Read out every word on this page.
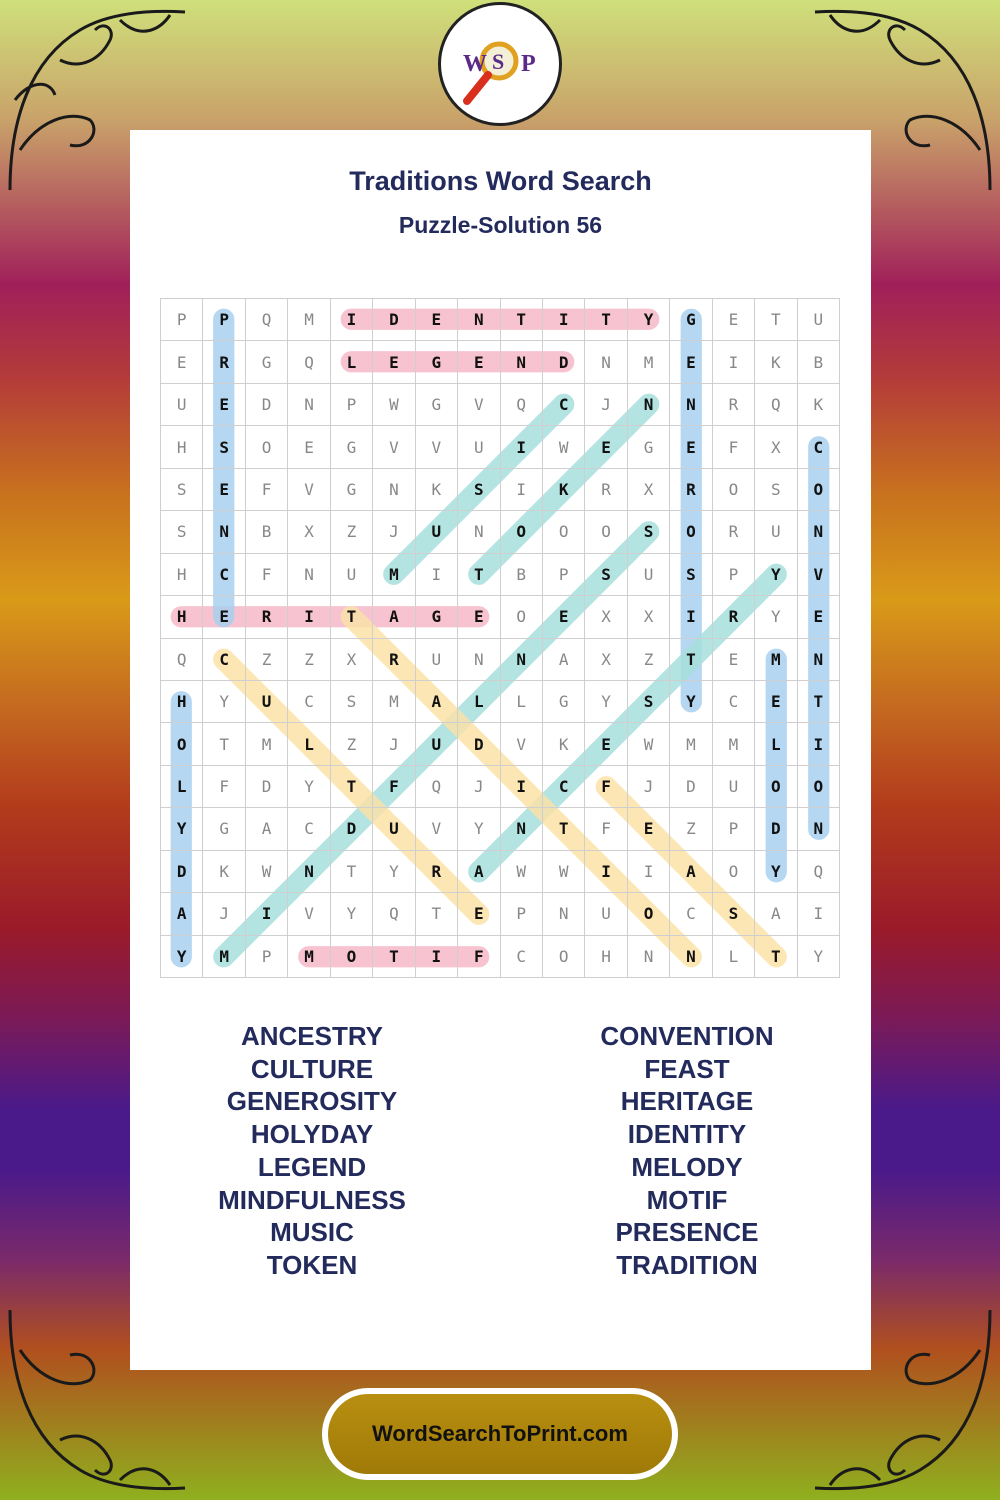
W S P
Traditions Word Search
Puzzle-Solution 56
P	P	Q	M	I	D	E	N	T	I	T	Y	G	E	T	U
E	R	G	Q	L	E	G	E	N	D	N	M	E	I	K	B
U	E	D	N	P	W	G	V	Q	C	J	N	N	R	Q	K
H	S	O	E	G	V	V	U	I	W	E	G	E	F	X	C
S	E	F	V	G	N	K	S	I	K	R	X	R	O	S	O
S	N	B	X	Z	J	U	N	O	O	O	S	O	R	U	N
H	C	F	N	U	M	I	T	B	P	S	U	S	P	Y	V
H	E	R	I	T	A	G	E	O	E	X	X	I	R	Y	E
Q	C	Z	Z	X	R	U	N	N	A	X	Z	T	E	M	N
H	Y	U	C	S	M	A	L	L	G	Y	S	Y	C	E	T
O	T	M	L	Z	J	U	D	V	K	E	W	M	M	L	I
L	F	D	Y	T	F	Q	J	I	C	F	J	D	U	O	O
Y	G	A	C	D	U	V	Y	N	T	F	E	Z	P	D	N
D	K	W	N	T	Y	R	A	W	W	I	I	A	O	Y	Q
A	J	I	V	Y	Q	T	E	P	N	U	O	C	S	A	I
Y	M	P	M	O	T	I	F	C	O	H	N	N	L	T	Y
ANCESTRY
CULTURE
GENEROSITY
HOLYDAY
LEGEND
MINDFULNESS
MUSIC
TOKEN
CONVENTION
FEAST
HERITAGE
IDENTITY
MELODY
MOTIF
PRESENCE
TRADITION
WordSearchToPrint.com
